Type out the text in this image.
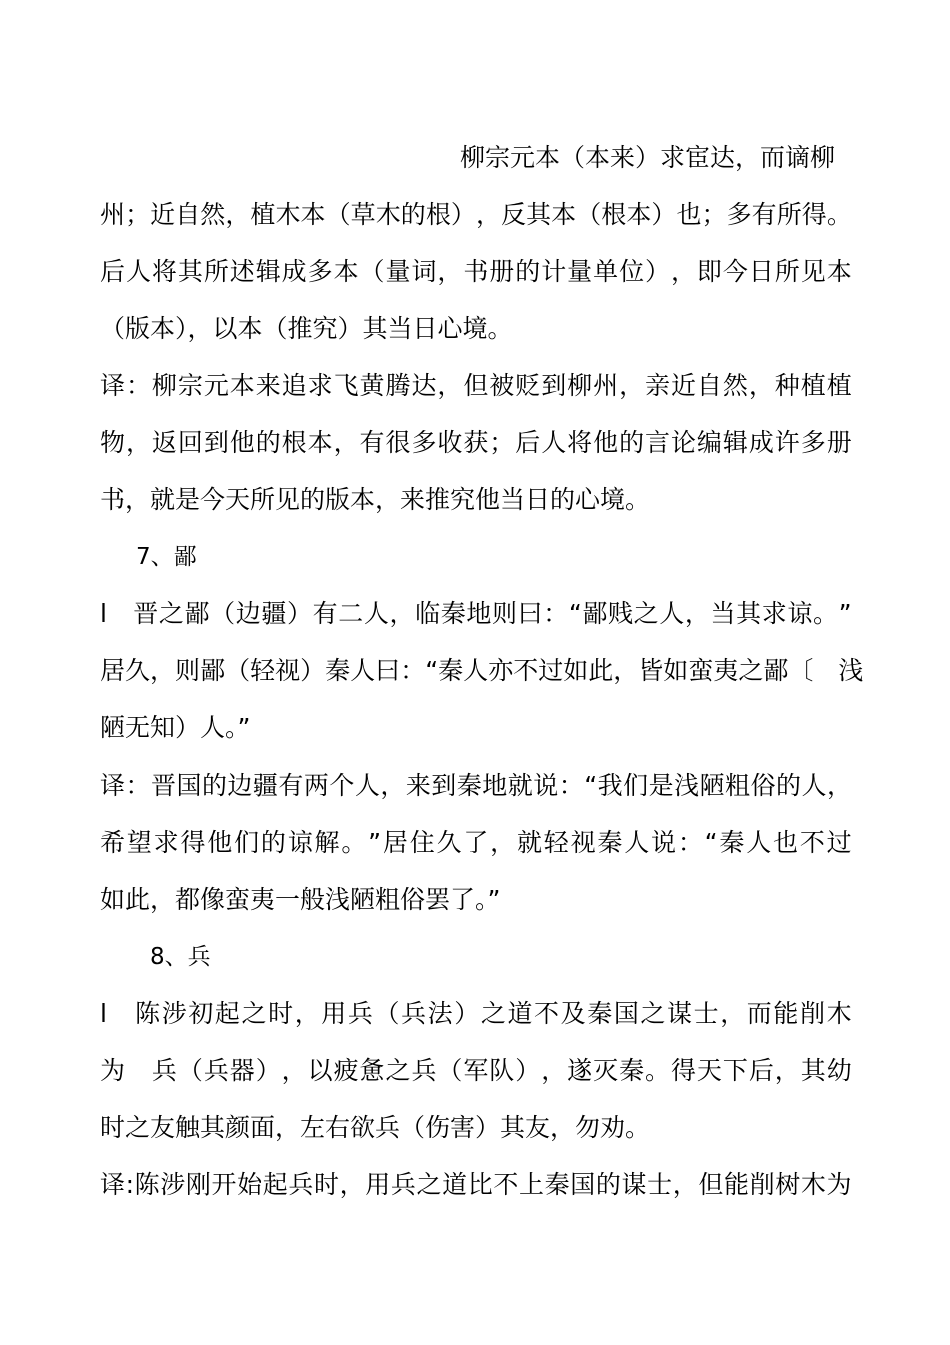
柳宗元本（本来）求宦达，而谪柳
州 ； 近 自 然 ， 植 木 本 （ 草 木 的 根 ） ， 反 其 本 （ 根 本 ） 也 ； 多 有 所 得 。
后 人 将 其 所 述 辑 成 多 本 （ 量 词 ， 书 册 的 计 量 单 位 ） ， 即 今 日 所 见 本
（版本），以本（推究）其当日心境。
译 ： 柳 宗 元 本 来 追 求 飞 黄 腾 达 ， 但 被 贬 到 柳 州 ， 亲 近 自 然 ， 种 植 植
物 ， 返 回 到 他 的 根 本 ， 有 很 多 收 获 ； 后 人 将 他 的 言 论 编 辑 成 许 多 册
书，就是今天所见的版本，来推究他当日的心境。
7、鄙
l
　 晋 之 鄙 （ 边 疆 ） 有 二 人 ， 临 秦 地 则 曰 ： “ 鄙 贱 之 人 ， 当 其 求 谅 。 ”
居 久 ， 则 鄙 （ 轻 视 ） 秦 人 曰 ： “ 秦 人 亦 不 过 如 此 ， 皆 如 蛮 夷 之 鄙 〔
　 浅
陋无知）人。”
译 ： 晋 国 的 边 疆 有 两 个 人 ， 来 到 秦 地 就 说 ： “ 我 们 是 浅 陋 粗 俗 的 人 ，
希 望 求 得 他 们 的 谅 解 。 ” 居 住 久 了 ， 就 轻 视 秦 人 说 ： “ 秦 人 也 不 过
如此，都像蛮夷一般浅陋粗俗罢了。”
8、兵
l
　 陈 涉 初 起 之 时 ， 用 兵 （ 兵 法 ） 之 道 不 及 秦 国 之 谋 士 ， 而 能 削 木
为
　 兵 （ 兵 器 ） ， 以 疲 惫 之 兵 （ 军 队 ） ， 遂 灭 秦 。 得 天 下 后 ， 其 幼
时之友触其颜面，左右欲兵（伤害）其友，勿劝。
译 : 陈 涉 刚 开 始 起 兵 时 ， 用 兵 之 道 比 不 上 秦 国 的 谋 士 ， 但 能 削 树 木 为
